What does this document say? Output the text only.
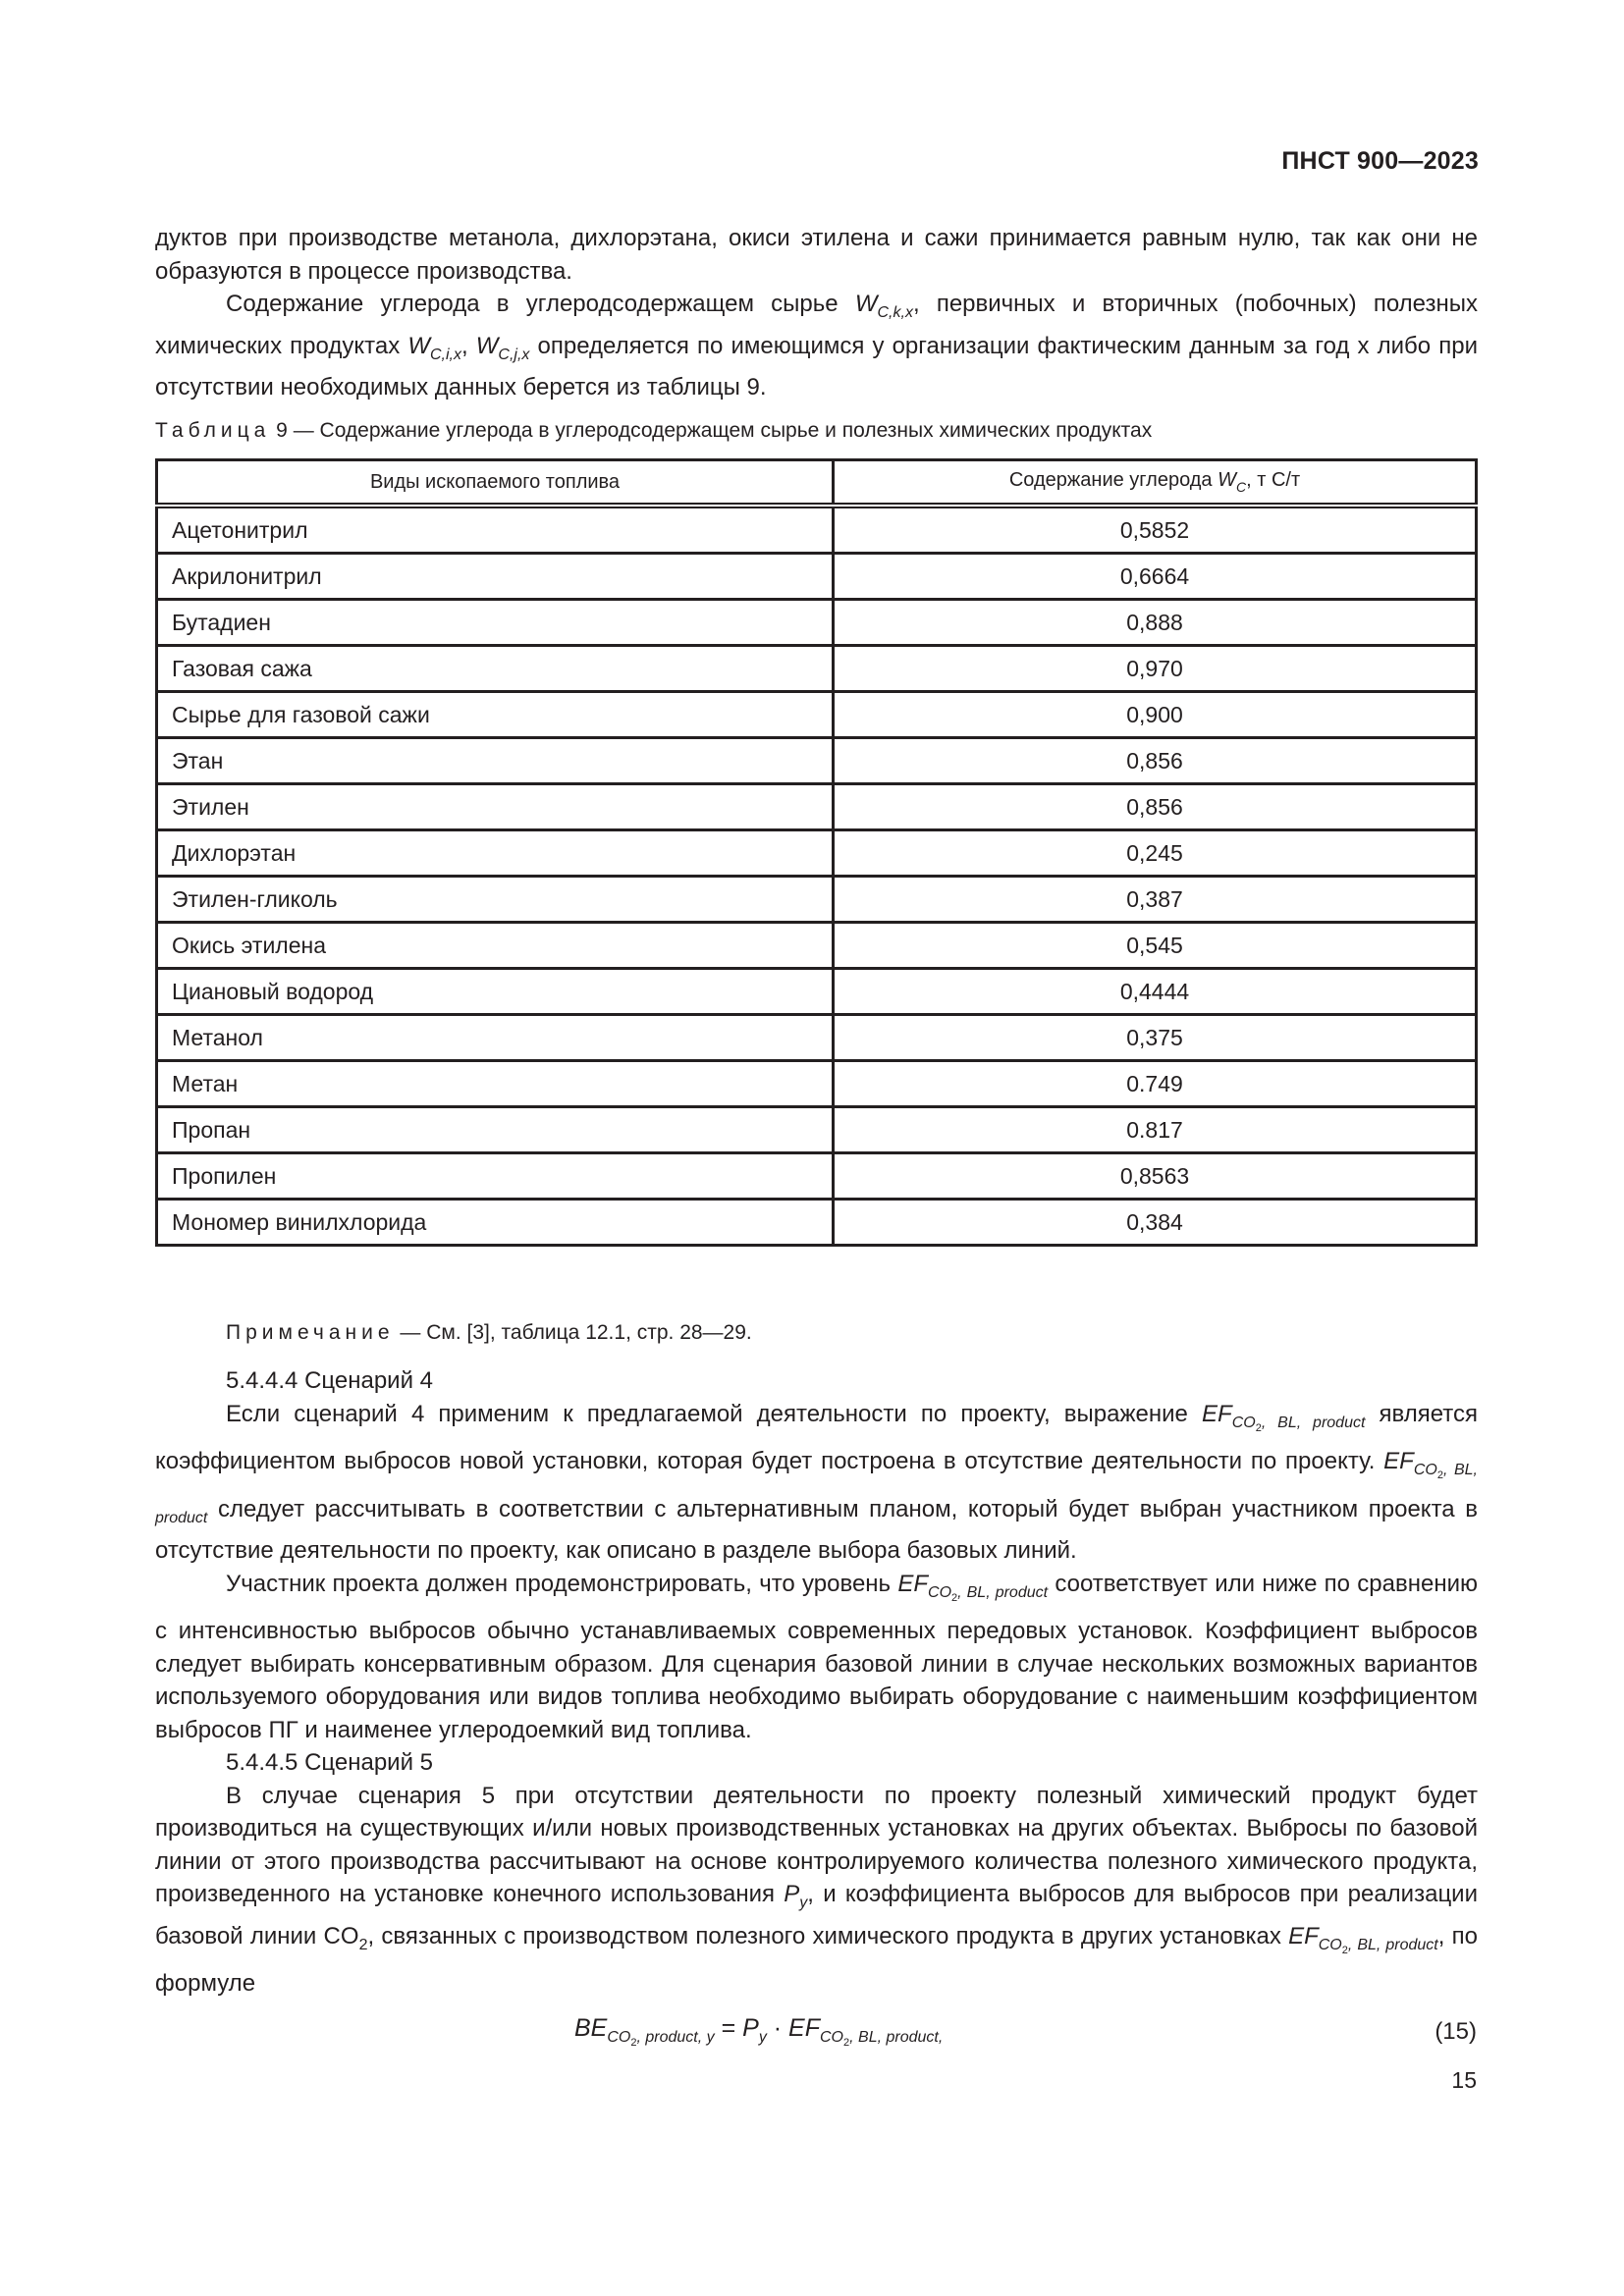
ПНСТ 900—2023

дуктов при производстве метанола, дихлорэтана, окиси этилена и сажи принимается равным нулю, так как они не образуются в процессе производства.

Содержание углерода в углеродсодержащем сырье $W_{C,k,x}$, первичных и вторичных (побочных) полезных химических продуктах $W_{C,i,x}$, $W_{C,j,x}$ определяется по имеющимся у организации фактическим данным за год х либо при отсутствии необходимых данных берется из таблицы 9.

Таблица 9 — Содержание углерода в углеродсодержащем сырье и полезных химических продуктах
Виды ископаемого топлива	Содержание углерода $W_C$, т С/т
Ацетонитрил	0,5852
Акрилонитрил	0,6664
Бутадиен	0,888
Газовая сажа	0,970
Сырье для газовой сажи	0,900
Этан	0,856
Этилен	0,856
Дихлорэтан	0,245
Этилен-гликоль	0,387
Окись этилена	0,545
Циановый водород	0,4444
Метанол	0,375
Метан	0.749
Пропан	0.817
Пропилен	0,8563
Мономер винилхлорида	0,384
Примечание — См. [3], таблица 12.1, стр. 28—29.

5.4.4.4 Сценарий 4

Если сценарий 4 применим к предлагаемой деятельности по проекту, выражение $EF_{CO_2, BL, product}$ является коэффициентом выбросов новой установки, которая будет построена в отсутствие деятельности по проекту. $EF_{CO_2, BL, product}$ следует рассчитывать в соответствии с альтернативным планом, который будет выбран участником проекта в отсутствие деятельности по проекту, как описано в разделе выбора базовых линий.

Участник проекта должен продемонстрировать, что уровень $EF_{CO_2, BL, product}$ соответствует или ниже по сравнению с интенсивностью выбросов обычно устанавливаемых современных передовых установок. Коэффициент выбросов следует выбирать консервативным образом. Для сценария базовой линии в случае нескольких возможных вариантов используемого оборудования или видов топлива необходимо выбирать оборудование с наименьшим коэффициентом выбросов ПГ и наименее углеродоемкий вид топлива.

5.4.4.5 Сценарий 5

В случае сценария 5 при отсутствии деятельности по проекту полезный химический продукт будет производиться на существующих и/или новых производственных установках на других объектах. Выбросы по базовой линии от этого производства рассчитывают на основе контролируемого количества полезного химического продукта, произведенного на установке конечного использования $P_y$, и коэффициента выбросов для выбросов при реализации базовой линии $CO_2$, связанных с производством полезного химического продукта в других установках $EF_{CO_2, BL, product}$, по формуле

$BE_{CO_2, product, y} = P_y \cdot EF_{CO_2, BL, product,}$	(15)
15
